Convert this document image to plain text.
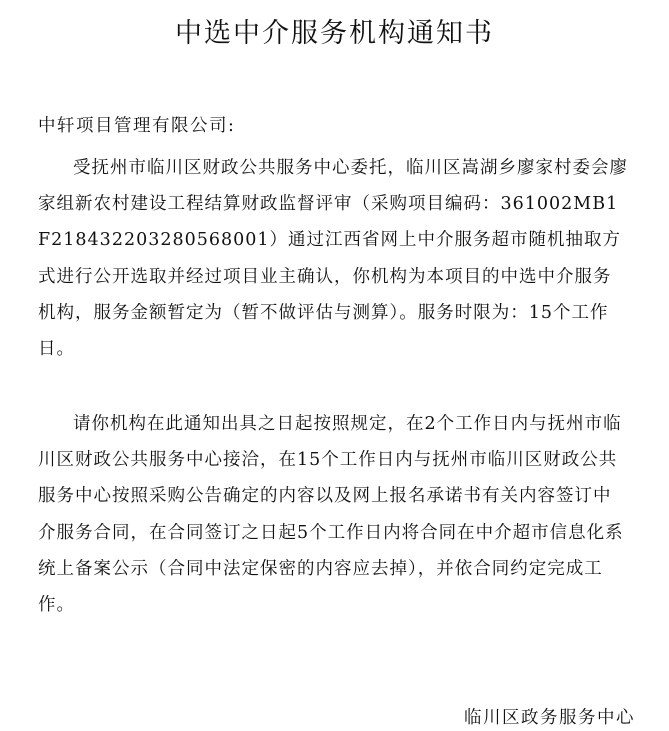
中选中介服务机构通知书
中轩项目管理有限公司:

受抚州市临川区财政公共服务中心委托，临川区嵩湖乡廖家村委会廖家组新农村建设工程结算财政监督评审（采购项目编码：361002MB1F218432203280568001）通过江西省网上中介服务超市随机抽取方式进行公开选取并经过项目业主确认，你机构为本项目的中选中介服务机构，服务金额暂定为（暂不做评估与测算）。服务时限为：15个工作日。

请你机构在此通知出具之日起按照规定，在2个工作日内与抚州市临川区财政公共服务中心接洽，在15个工作日内与抚州市临川区财政公共服务中心按照采购公告确定的内容以及网上报名承诺书有关内容签订中介服务合同，在合同签订之日起5个工作日内将合同在中介超市信息化系统上备案公示（合同中法定保密的内容应去掉），并依合同约定完成工作。

临川区政务服务中心
